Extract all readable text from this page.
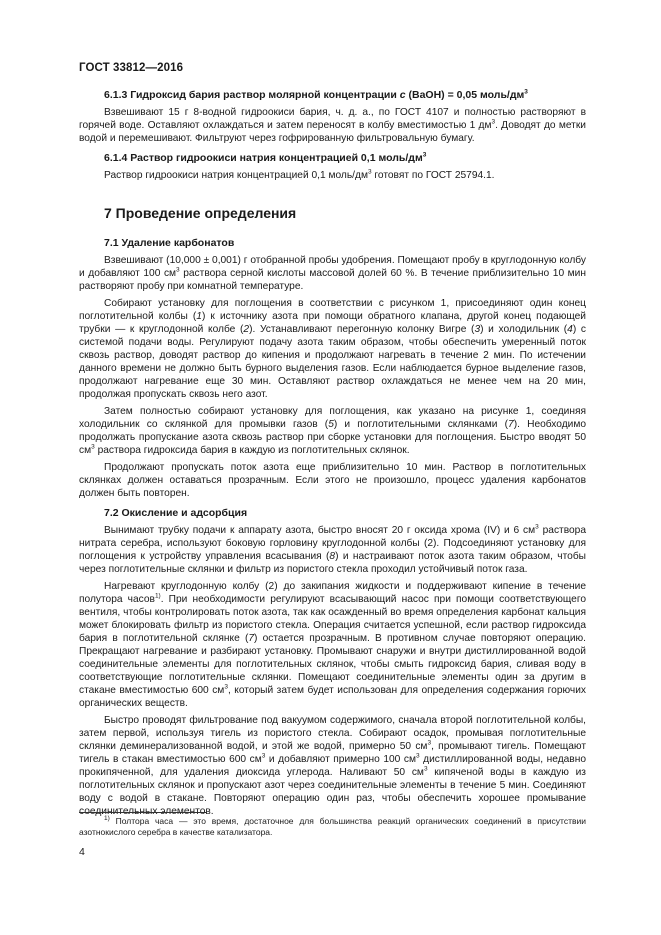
ГОСТ 33812—2016
6.1.3 Гидроксид бария раствор молярной концентрации c (BaOH) = 0,05 моль/$дм^3$

Взвешивают 15 г 8-водной гидроокиси бария, ч. д. а., по ГОСТ 4107 и полностью растворяют в горячей воде. Оставляют охлаждаться и затем переносят в колбу вместимостью 1 $дм^3$. Доводят до метки водой и перемешивают. Фильтруют через гофрированную фильтровальную бумагу.

6.1.4 Раствор гидроокиси натрия концентрацией 0,1 моль/$дм^3$

Раствор гидроокиси натрия концентрацией 0,1 моль/$дм^3$ готовят по ГОСТ 25794.1.

7 Проведение определения
7.1 Удаление карбонатов

Взвешивают (10,000 ± 0,001) г отобранной пробы удобрения. Помещают пробу в круглодонную колбу и добавляют 100 $см^3$ раствора серной кислоты массовой долей 60 %. В течение приблизительно 10 мин растворяют пробу при комнатной температуре.

Собирают установку для поглощения в соответствии с рисунком 1, присоединяют один конец поглотительной колбы (1) к источнику азота при помощи обратного клапана, другой конец подающей трубки — к круглодонной колбе (2). Устанавливают перегонную колонку Вигре (3) и холодильник (4) с системой подачи воды. Регулируют подачу азота таким образом, чтобы обеспечить умеренный поток сквозь раствор, доводят раствор до кипения и продолжают нагревать в течение 2 мин. По истечении данного времени не должно быть бурного выделения газов. Если наблюдается бурное выделение газов, продолжают нагревание еще 30 мин. Оставляют раствор охлаждаться не менее чем на 20 мин, продолжая пропускать сквозь него азот.

Затем полностью собирают установку для поглощения, как указано на рисунке 1, соединяя холодильник со склянкой для промывки газов (5) и поглотительными склянками (7). Необходимо продолжать пропускание азота сквозь раствор при сборке установки для поглощения. Быстро вводят 50 $см^3$ раствора гидроксида бария в каждую из поглотительных склянок.

Продолжают пропускать поток азота еще приблизительно 10 мин. Раствор в поглотительных склянках должен оставаться прозрачным. Если этого не произошло, процесс удаления карбонатов должен быть повторен.

7.2 Окисление и адсорбция

Вынимают трубку подачи к аппарату азота, быстро вносят 20 г оксида хрома (IV) и 6 $см^3$ раствора нитрата серебра, используют боковую горловину круглодонной колбы (2). Подсоединяют установку для поглощения к устройству управления всасывания (8) и настраивают поток азота таким образом, чтобы через поглотительные склянки и фильтр из пористого стекла проходил устойчивый поток газа.

Нагревают круглодонную колбу (2) до закипания жидкости и поддерживают кипение в течение полутора часов$^{1)}$. При необходимости регулируют всасывающий насос при помощи соответствующего вентиля, чтобы контролировать поток азота, так как осажденный во время определения карбонат кальция может блокировать фильтр из пористого стекла. Операция считается успешной, если раствор гидроксида бария в поглотительной склянке (7) остается прозрачным. В противном случае повторяют операцию. Прекращают нагревание и разбирают установку. Промывают снаружи и внутри дистиллированной водой соединительные элементы для поглотительных склянок, чтобы смыть гидроксид бария, сливая воду в соответствующие поглотительные склянки. Помещают соединительные элементы один за другим в стакане вместимостью 600 $см^3$, который затем будет использован для определения содержания горючих органических веществ.

Быстро проводят фильтрование под вакуумом содержимого, сначала второй поглотительной колбы, затем первой, используя тигель из пористого стекла. Собирают осадок, промывая поглотительные склянки деминерализованной водой, и этой же водой, примерно 50 $см^3$, промывают тигель. Помещают тигель в стакан вместимостью 600 $см^3$ и добавляют примерно 100 $см^3$ дистиллированной воды, недавно прокипяченной, для удаления диоксида углерода. Наливают 50 $см^3$ кипяченой воды в каждую из поглотительных склянок и пропускают азот через соединительные элементы в течение 5 мин. Соединяют воду с водой в стакане. Повторяют операцию один раз, чтобы обеспечить хорошее промывание соединительных элементов.

$^{1)}$ Полтора часа — это время, достаточное для большинства реакций органических соединений в присутствии азотнокислого серебра в качестве катализатора.
4
